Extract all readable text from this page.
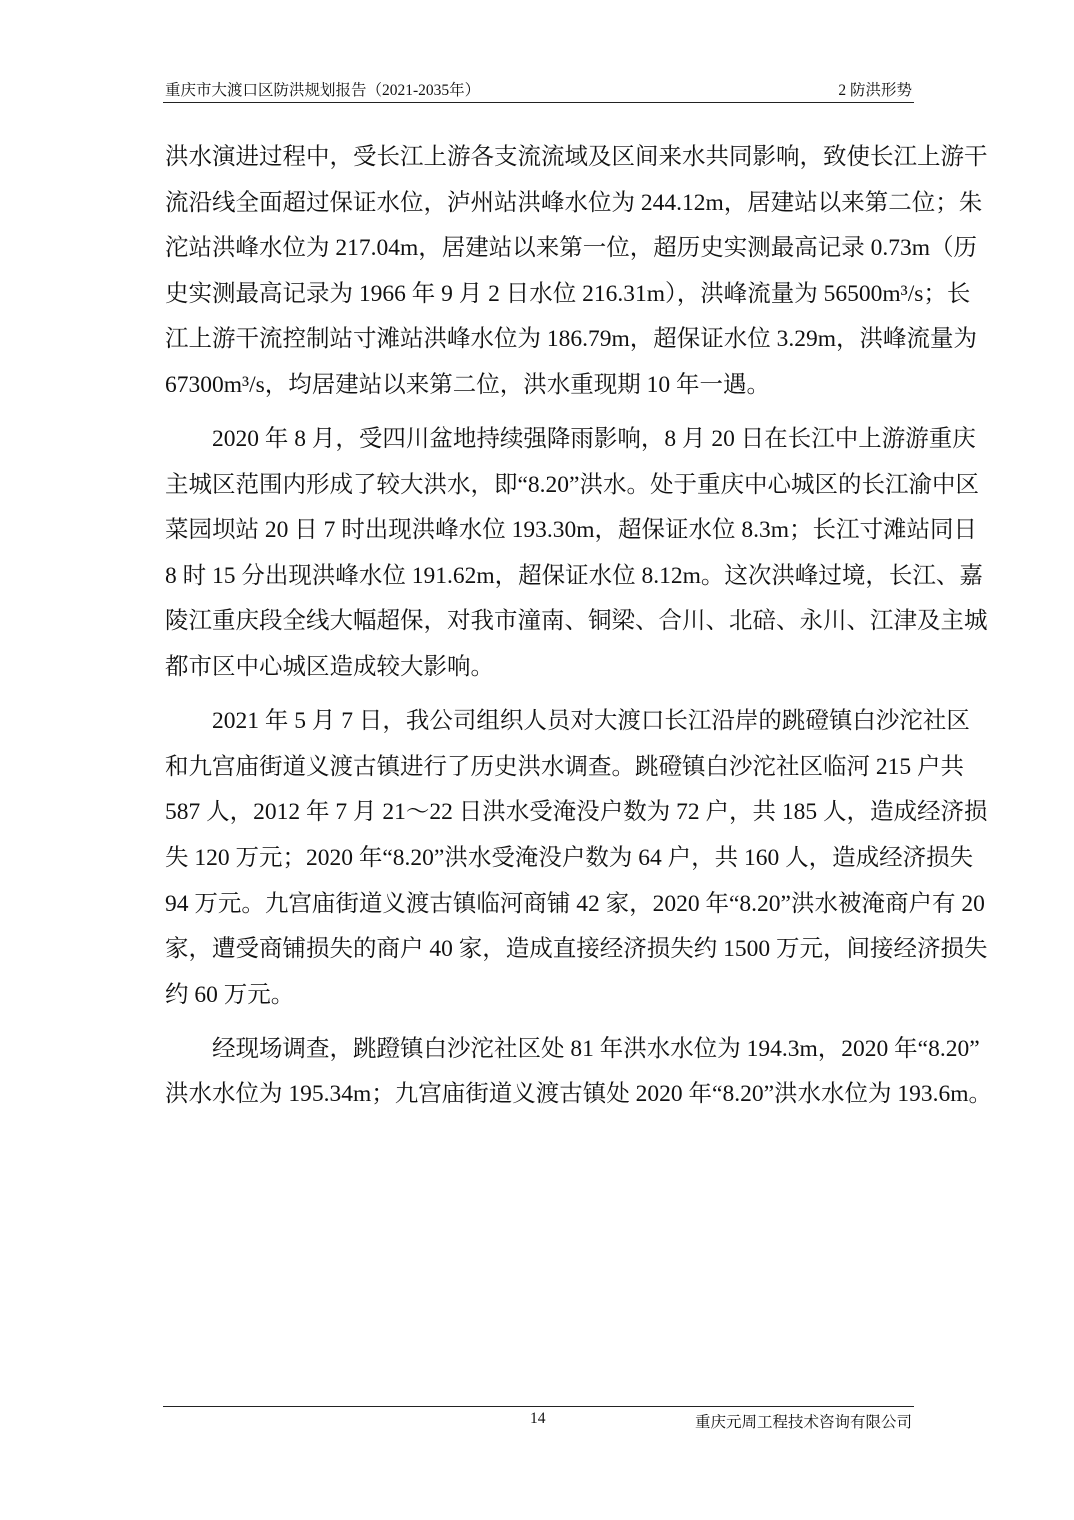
重庆市大渡口区防洪规划报告（2021-2035年）	2 防洪形势
洪水演进过程中，受长江上游各支流流域及区间来水共同影响，致使长江上游干
流沿线全面超过保证水位，泸州站洪峰水位为 244.12m，居建站以来第二位；朱
沱站洪峰水位为 217.04m，居建站以来第一位，超历史实测最高记录 0.73m（历
史实测最高记录为 1966 年 9 月 2 日水位 216.31m），洪峰流量为 56500m³/s；长
江上游干流控制站寸滩站洪峰水位为 186.79m，超保证水位 3.29m，洪峰流量为
67300m³/s，均居建站以来第二位，洪水重现期 10 年一遇。
2020 年 8 月，受四川盆地持续强降雨影响，8 月 20 日在长江中上游游重庆
主城区范围内形成了较大洪水，即“8.20”洪水。处于重庆中心城区的长江渝中区
菜园坝站 20 日 7 时出现洪峰水位 193.30m，超保证水位 8.3m；长江寸滩站同日
8 时 15 分出现洪峰水位 191.62m，超保证水位 8.12m。这次洪峰过境，长江、嘉
陵江重庆段全线大幅超保，对我市潼南、铜梁、合川、北碚、永川、江津及主城
都市区中心城区造成较大影响。
2021 年 5 月 7 日，我公司组织人员对大渡口长江沿岸的跳磴镇白沙沱社区
和九宫庙街道义渡古镇进行了历史洪水调查。跳磴镇白沙沱社区临河 215 户共
587 人，2012 年 7 月 21～22 日洪水受淹没户数为 72 户，共 185 人，造成经济损
失 120 万元；2020 年“8.20”洪水受淹没户数为 64 户，共 160 人，造成经济损失
94 万元。九宫庙街道义渡古镇临河商铺 42 家，2020 年“8.20”洪水被淹商户有 20
家，遭受商铺损失的商户 40 家，造成直接经济损失约 1500 万元，间接经济损失
约 60 万元。
经现场调查，跳蹬镇白沙沱社区处 81 年洪水水位为 194.3m，2020 年“8.20”
洪水水位为 195.34m；九宫庙街道义渡古镇处 2020 年“8.20”洪水水位为 193.6m。
14	重庆元周工程技术咨询有限公司
